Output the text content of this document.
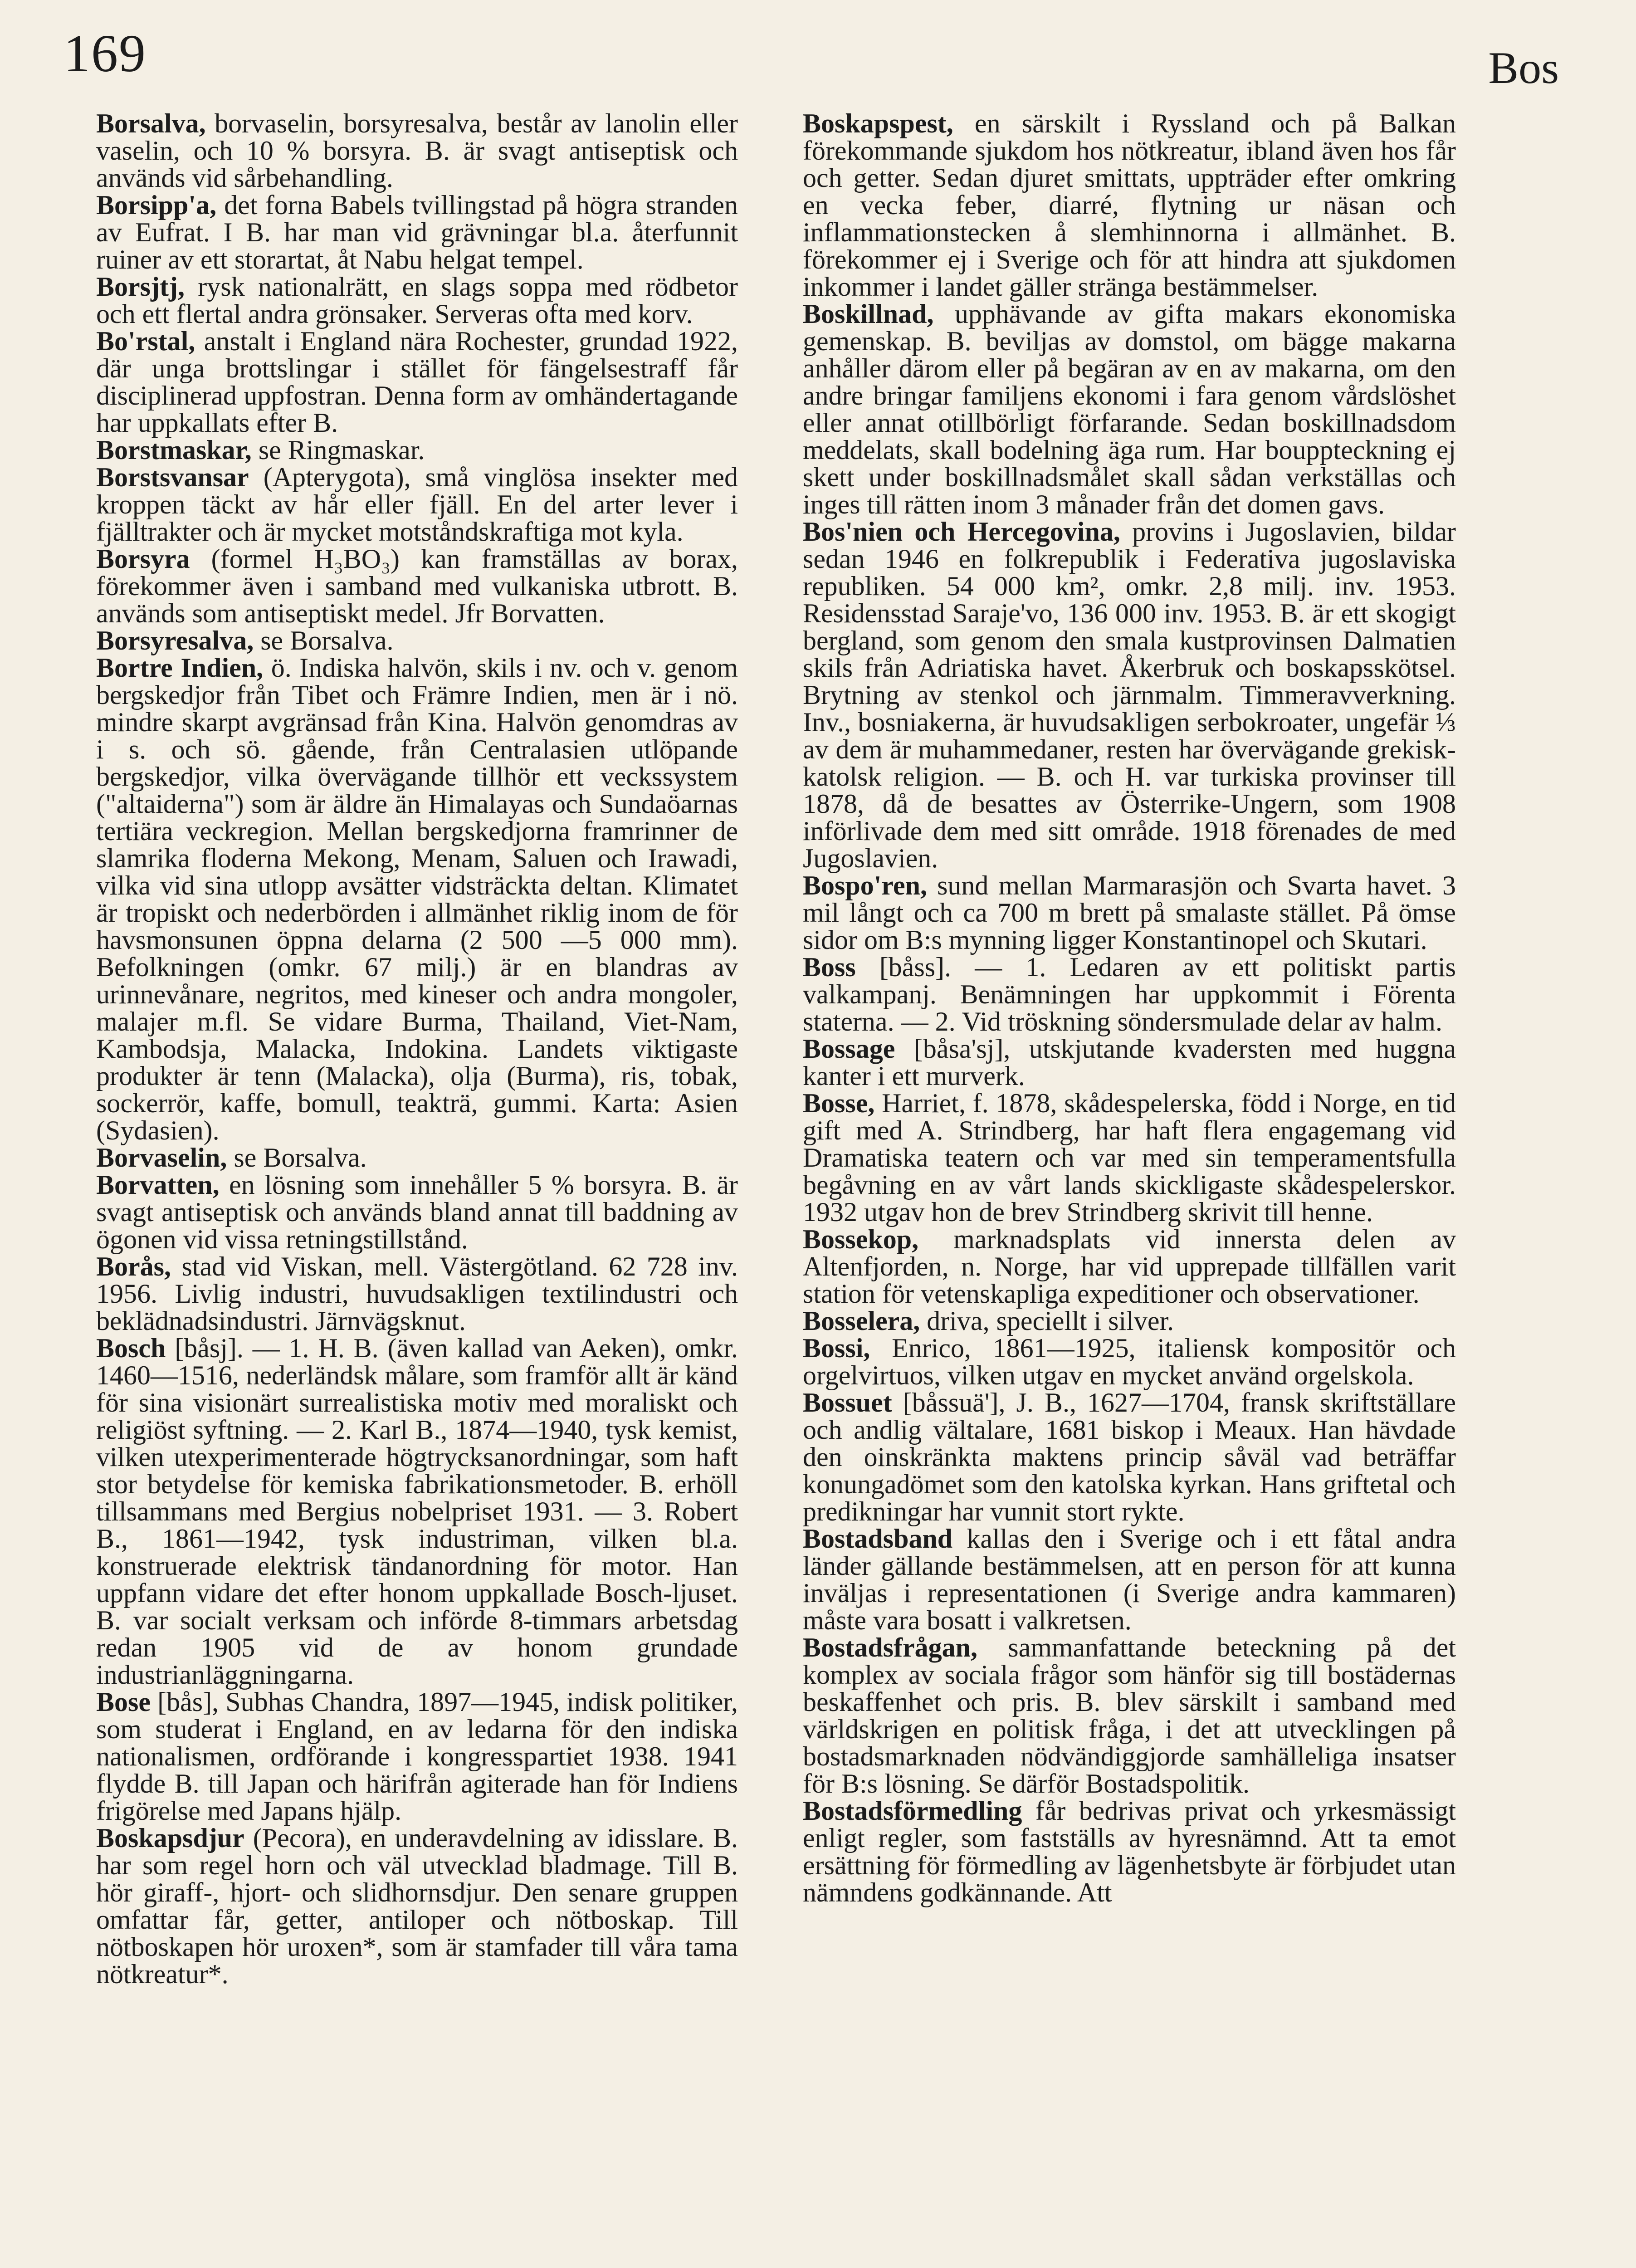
169	Bos

Borsalva, borvaselin, borsyresalva, består av lanolin eller vaselin, och 10 % borsyra. B. är svagt antiseptisk och används vid sårbehandling.

Borsipp'a, det forna Babels tvillingstad på högra stranden av Eufrat. I B. har man vid grävningar bl.a. återfunnit ruiner av ett storartat, åt Nabu helgat tempel.

Borsjtj, rysk nationalrätt, en slags soppa med rödbetor och ett flertal andra grönsaker. Serveras ofta med korv.

Bo'rstal, anstalt i England nära Rochester, grundad 1922, där unga brottslingar i stället för fängelsestraff får disciplinerad uppfostran. Denna form av omhändertagande har uppkallats efter B.

Borstmaskar, se Ringmaskar.

Borstsvansar (Apterygota), små vinglösa insekter med kroppen täckt av hår eller fjäll. En del arter lever i fjälltrakter och är mycket motståndskraftiga mot kyla.

Borsyra (formel H₃BO₃) kan framställas av borax, förekommer även i samband med vulkaniska utbrott. B. används som antiseptiskt medel. Jfr Borvatten.

Borsyresalva, se Borsalva.

Bortre Indien, ö. Indiska halvön, skils i nv. och v. genom bergskedjor från Tibet och Främre Indien, men är i nö. mindre skarpt avgränsad från Kina. Halvön genomdras av i s. och sö. gående, från Centralasien utlöpande bergskedjor, vilka övervägande tillhör ett veckssystem ("altaiderna") som är äldre än Himalayas och Sundaöarnas tertiära veckregion. Mellan bergskedjorna framrinner de slamrika floderna Mekong, Menam, Saluen och Irawadi, vilka vid sina utlopp avsätter vidsträckta deltan. Klimatet är tropiskt och nederbörden i allmänhet riklig inom de för havsmonsunen öppna delarna (2 500 —5 000 mm). Befolkningen (omkr. 67 milj.) är en blandras av urinnevånare, negritos, med kineser och andra mongoler, malajer m.fl. Se vidare Burma, Thailand, Viet-Nam, Kambodsja, Malacka, Indokina. Landets viktigaste produkter är tenn (Malacka), olja (Burma), ris, tobak, sockerrör, kaffe, bomull, teakträ, gummi. Karta: Asien (Sydasien).

Borvaselin, se Borsalva.

Borvatten, en lösning som innehåller 5 % borsyra. B. är svagt antiseptisk och används bland annat till baddning av ögonen vid vissa retningstillstånd.

Borås, stad vid Viskan, mell. Västergötland. 62 728 inv. 1956. Livlig industri, huvudsakligen textilindustri och beklädnadsindustri. Järnvägsknut.

Bosch [båsj]. — 1. H. B. (även kallad van Aeken), omkr. 1460—1516, nederländsk målare, som framför allt är känd för sina visionärt surrealistiska motiv med moraliskt och religiöst syftning. — 2. Karl B., 1874—1940, tysk kemist, vilken utexperimenterade högtrycksanordningar, som haft stor betydelse för kemiska fabrikationsmetoder. B. erhöll tillsammans med Bergius nobelpriset 1931. — 3. Robert B., 1861—1942, tysk industriman, vilken bl.a. konstruerade elektrisk tändanordning för motor. Han uppfann vidare det efter honom uppkallade Bosch-ljuset. B. var socialt verksam och införde 8-timmars arbetsdag redan 1905 vid de av honom grundade industrianläggningarna.

Bose [bås], Subhas Chandra, 1897—1945, indisk politiker, som studerat i England, en av ledarna för den indiska nationalismen, ordförande i kongresspartiet 1938. 1941 flydde B. till Japan och härifrån agiterade han för Indiens frigörelse med Japans hjälp.

Boskapsdjur (Pecora), en underavdelning av idisslare. B. har som regel horn och väl utvecklad bladmage. Till B. hör giraff-, hjort- och slidhornsdjur. Den senare gruppen omfattar får, getter, antiloper och nötboskap. Till nötboskapen hör uroxen*, som är stamfader till våra tama nötkreatur*.

Boskapspest, en särskilt i Ryssland och på Balkan förekommande sjukdom hos nötkreatur, ibland även hos får och getter. Sedan djuret smittats, uppträder efter omkring en vecka feber, diarré, flytning ur näsan och inflammationstecken å slemhinnorna i allmänhet. B. förekommer ej i Sverige och för att hindra att sjukdomen inkommer i landet gäller stränga bestämmelser.

Boskillnad, upphävande av gifta makars ekonomiska gemenskap. B. beviljas av domstol, om bägge makarna anhåller därom eller på begäran av en av makarna, om den andre bringar familjens ekonomi i fara genom vårdslöshet eller annat otillbörligt förfarande. Sedan boskillnadsdom meddelats, skall bodelning äga rum. Har bouppteckning ej skett under boskillnadsmålet skall sådan verkställas och inges till rätten inom 3 månader från det domen gavs.

Bos'nien och Hercegovina, provins i Jugoslavien, bildar sedan 1946 en folkrepublik i Federativa jugoslaviska republiken. 54 000 km², omkr. 2,8 milj. inv. 1953. Residensstad Saraje'vo, 136 000 inv. 1953. B. är ett skogigt bergland, som genom den smala kustprovinsen Dalmatien skils från Adriatiska havet. Åkerbruk och boskapsskötsel. Brytning av stenkol och järnmalm. Timmeravverkning. Inv., bosniakerna, är huvudsakligen serbokroater, ungefär ⅓ av dem är muhammedaner, resten har övervägande grekisk-katolsk religion. — B. och H. var turkiska provinser till 1878, då de besattes av Österrike-Ungern, som 1908 införlivade dem med sitt område. 1918 förenades de med Jugoslavien.

Bospo'ren, sund mellan Marmarasjön och Svarta havet. 3 mil långt och ca 700 m brett på smalaste stället. På ömse sidor om B:s mynning ligger Konstantinopel och Skutari.

Boss [båss]. — 1. Ledaren av ett politiskt partis valkampanj. Benämningen har uppkommit i Förenta staterna. — 2. Vid tröskning söndersmulade delar av halm.

Bossage [båsa'sj], utskjutande kvadersten med huggna kanter i ett murverk.

Bosse, Harriet, f. 1878, skådespelerska, född i Norge, en tid gift med A. Strindberg, har haft flera engagemang vid Dramatiska teatern och var med sin temperamentsfulla begåvning en av vårt lands skickligaste skådespelerskor. 1932 utgav hon de brev Strindberg skrivit till henne.

Bossekop, marknadsplats vid innersta delen av Altenfjorden, n. Norge, har vid upprepade tillfällen varit station för vetenskapliga expeditioner och observationer.

Bosselera, driva, speciellt i silver.

Bossi, Enrico, 1861—1925, italiensk kompositör och orgelvirtuos, vilken utgav en mycket använd orgelskola.

Bossuet [båssuä'], J. B., 1627—1704, fransk skriftställare och andlig vältalare, 1681 biskop i Meaux. Han hävdade den oinskränkta maktens princip såväl vad beträffar konungadömet som den katolska kyrkan. Hans griftetal och predikningar har vunnit stort rykte.

Bostadsband kallas den i Sverige och i ett fåtal andra länder gällande bestämmelsen, att en person för att kunna inväljas i representationen (i Sverige andra kammaren) måste vara bosatt i valkretsen.

Bostadsfrågan, sammanfattande beteckning på det komplex av sociala frågor som hänför sig till bostädernas beskaffenhet och pris. B. blev särskilt i samband med världskrigen en politisk fråga, i det att utvecklingen på bostadsmarknaden nödvändiggjorde samhälleliga insatser för B:s lösning. Se därför Bostadspolitik.

Bostadsförmedling får bedrivas privat och yrkesmässigt enligt regler, som fastställs av hyresnämnd. Att ta emot ersättning för förmedling av lägenhetsbyte är förbjudet utan nämndens godkännande. Att
